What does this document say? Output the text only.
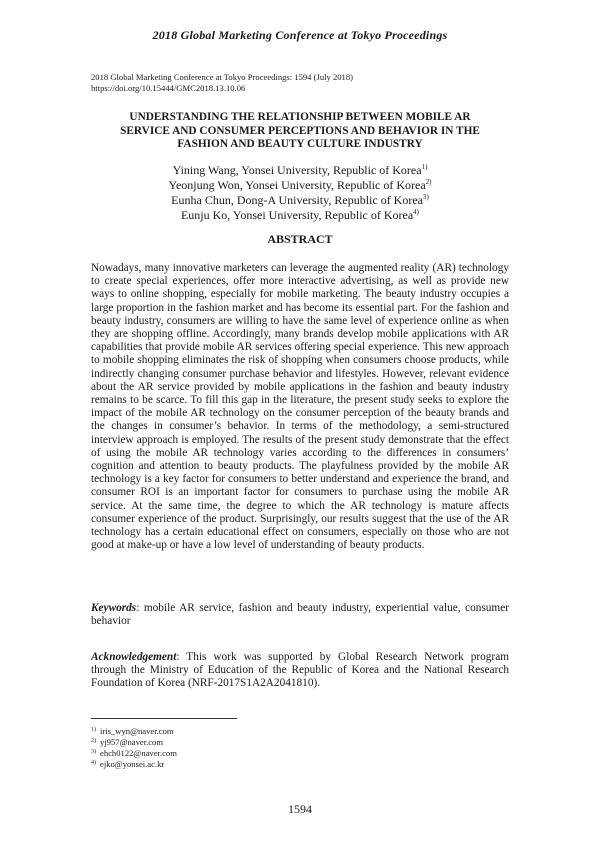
2018 Global Marketing Conference at Tokyo Proceedings
2018 Global Marketing Conference at Tokyo Proceedings: 1594 (July 2018)
https://doi.org/10.15444/GMC2018.13.10.06
UNDERSTANDING THE RELATIONSHIP BETWEEN MOBILE AR
SERVICE AND CONSUMER PERCEPTIONS AND BEHAVIOR IN THE
FASHION AND BEAUTY CULTURE INDUSTRY
Yining Wang, Yonsei University, Republic of Korea$^{1)}$
Yeonjung Won, Yonsei University, Republic of Korea$^{2)}$
Eunha Chun, Dong-A University, Republic of Korea$^{3)}$
Eunju Ko, Yonsei University, Republic of Korea$^{4)}$
ABSTRACT

Nowadays, many innovative marketers can leverage the augmented reality (AR) technology to create special experiences, offer more interactive advertising, as well as provide new ways to online shopping, especially for mobile marketing. The beauty industry occupies a large proportion in the fashion market and has become its essential part. For the fashion and beauty industry, consumers are willing to have the same level of experience online as when they are shopping offline. Accordingly, many brands develop mobile applications with AR capabilities that provide mobile AR services offering special experience. This new approach to mobile shopping eliminates the risk of shopping when consumers choose products, while indirectly changing consumer purchase behavior and lifestyles. However, relevant evidence about the AR service provided by mobile applications in the fashion and beauty industry remains to be scarce. To fill this gap in the literature, the present study seeks to explore the impact of the mobile AR technology on the consumer perception of the beauty brands and the changes in consumer’s behavior. In terms of the methodology, a semi-structured interview approach is employed. The results of the present study demonstrate that the effect of using the mobile AR technology varies according to the differences in consumers’ cognition and attention to beauty products. The playfulness provided by the mobile AR technology is a key factor for consumers to better understand and experience the brand, and consumer ROI is an important factor for consumers to purchase using the mobile AR service. At the same time, the degree to which the AR technology is mature affects consumer experience of the product. Surprisingly, our results suggest that the use of the AR technology has a certain educational effect on consumers, especially on those who are not good at make-up or have a low level of understanding of beauty products.

Keywords: mobile AR service, fashion and beauty industry, experiential value, consumer behavior

Acknowledgement: This work was supported by Global Research Network program through the Ministry of Education of the Republic of Korea and the National Research Foundation of Korea (NRF-2017S1A2A2041810).

$^{1)}$ iris_wyn@naver.com
$^{2)}$ yj957@naver.com
$^{3)}$ ehch0122@naver.com
$^{4)}$ ejko@yonsei.ac.kr
1594
